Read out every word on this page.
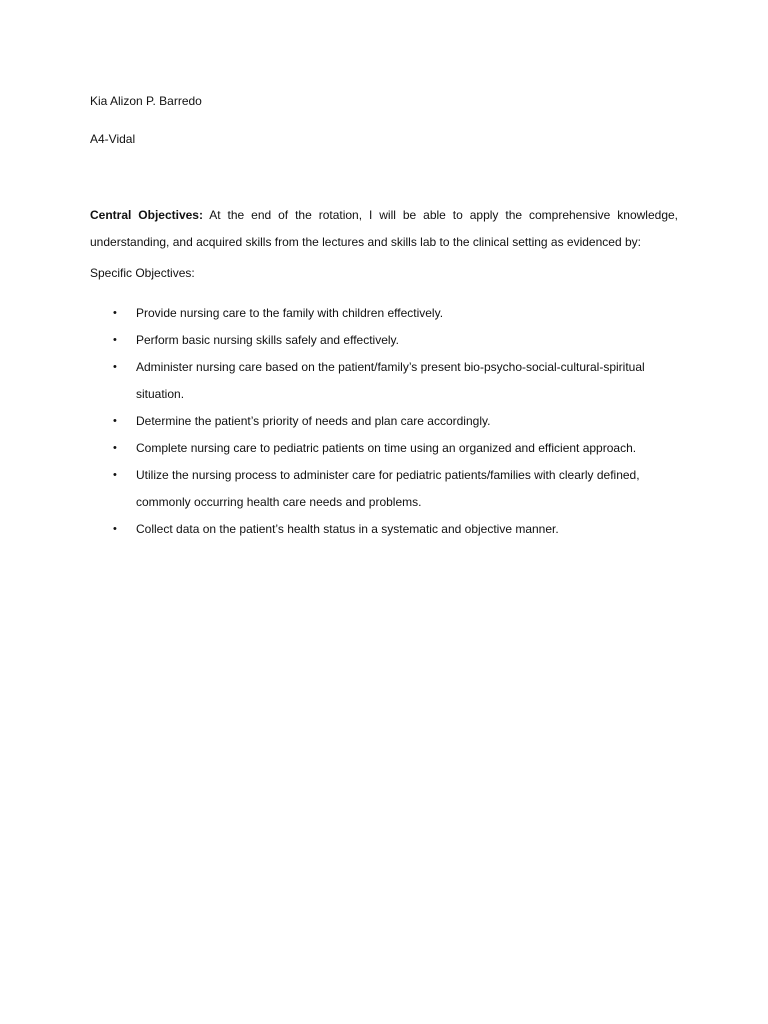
Kia Alizon P. Barredo
A4-Vidal
Central Objectives: At the end of the rotation, I will be able to apply the comprehensive knowledge, understanding, and acquired skills from the lectures and skills lab to the clinical setting as evidenced by:
Specific Objectives:
• Provide nursing care to the family with children effectively.
• Perform basic nursing skills safely and effectively.
• Administer nursing care based on the patient/family’s present bio-psycho-social-cultural-spiritual situation.
• Determine the patient’s priority of needs and plan care accordingly.
• Complete nursing care to pediatric patients on time using an organized and efficient approach.
• Utilize the nursing process to administer care for pediatric patients/families with clearly defined, commonly occurring health care needs and problems.
• Collect data on the patient’s health status in a systematic and objective manner.
